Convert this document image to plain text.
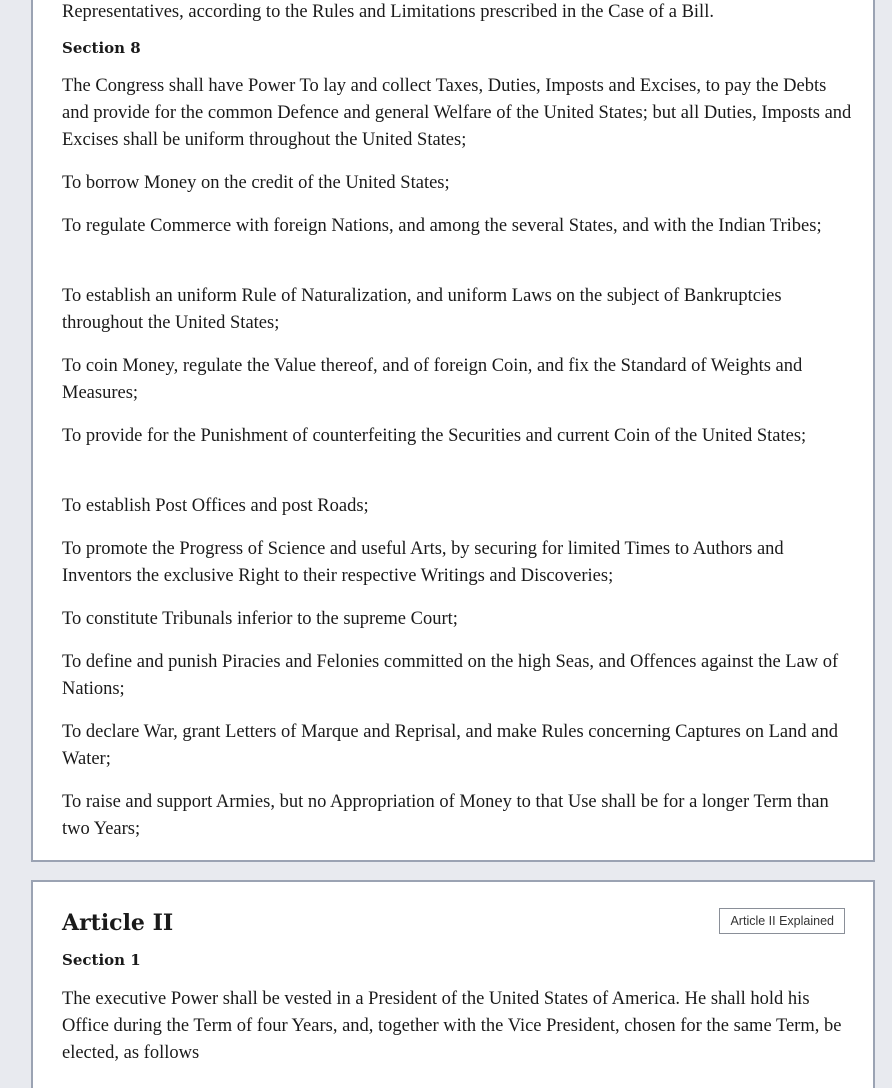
Representatives, according to the Rules and Limitations prescribed in the Case of a Bill.

Section 8

The Congress shall have Power To lay and collect Taxes, Duties, Imposts and Excises, to pay the Debts and provide for the common Defence and general Welfare of the United States; but all Duties, Imposts and Excises shall be uniform throughout the United States;

To borrow Money on the credit of the United States;

To regulate Commerce with foreign Nations, and among the several States, and with the Indian Tribes;

To establish an uniform Rule of Naturalization, and uniform Laws on the subject of Bankruptcies throughout the United States;

To coin Money, regulate the Value thereof, and of foreign Coin, and fix the Standard of Weights and Measures;

To provide for the Punishment of counterfeiting the Securities and current Coin of the United States;

To establish Post Offices and post Roads;

To promote the Progress of Science and useful Arts, by securing for limited Times to Authors and Inventors the exclusive Right to their respective Writings and Discoveries;

To constitute Tribunals inferior to the supreme Court;

To define and punish Piracies and Felonies committed on the high Seas, and Offences against the Law of Nations;

To declare War, grant Letters of Marque and Reprisal, and make Rules concerning Captures on Land and Water;

To raise and support Armies, but no Appropriation of Money to that Use shall be for a longer Term than two Years;

Article II	Article II Explained
Section 1

The executive Power shall be vested in a President of the United States of America. He shall hold his Office during the Term of four Years, and, together with the Vice President, chosen for the same Term, be elected, as follows
